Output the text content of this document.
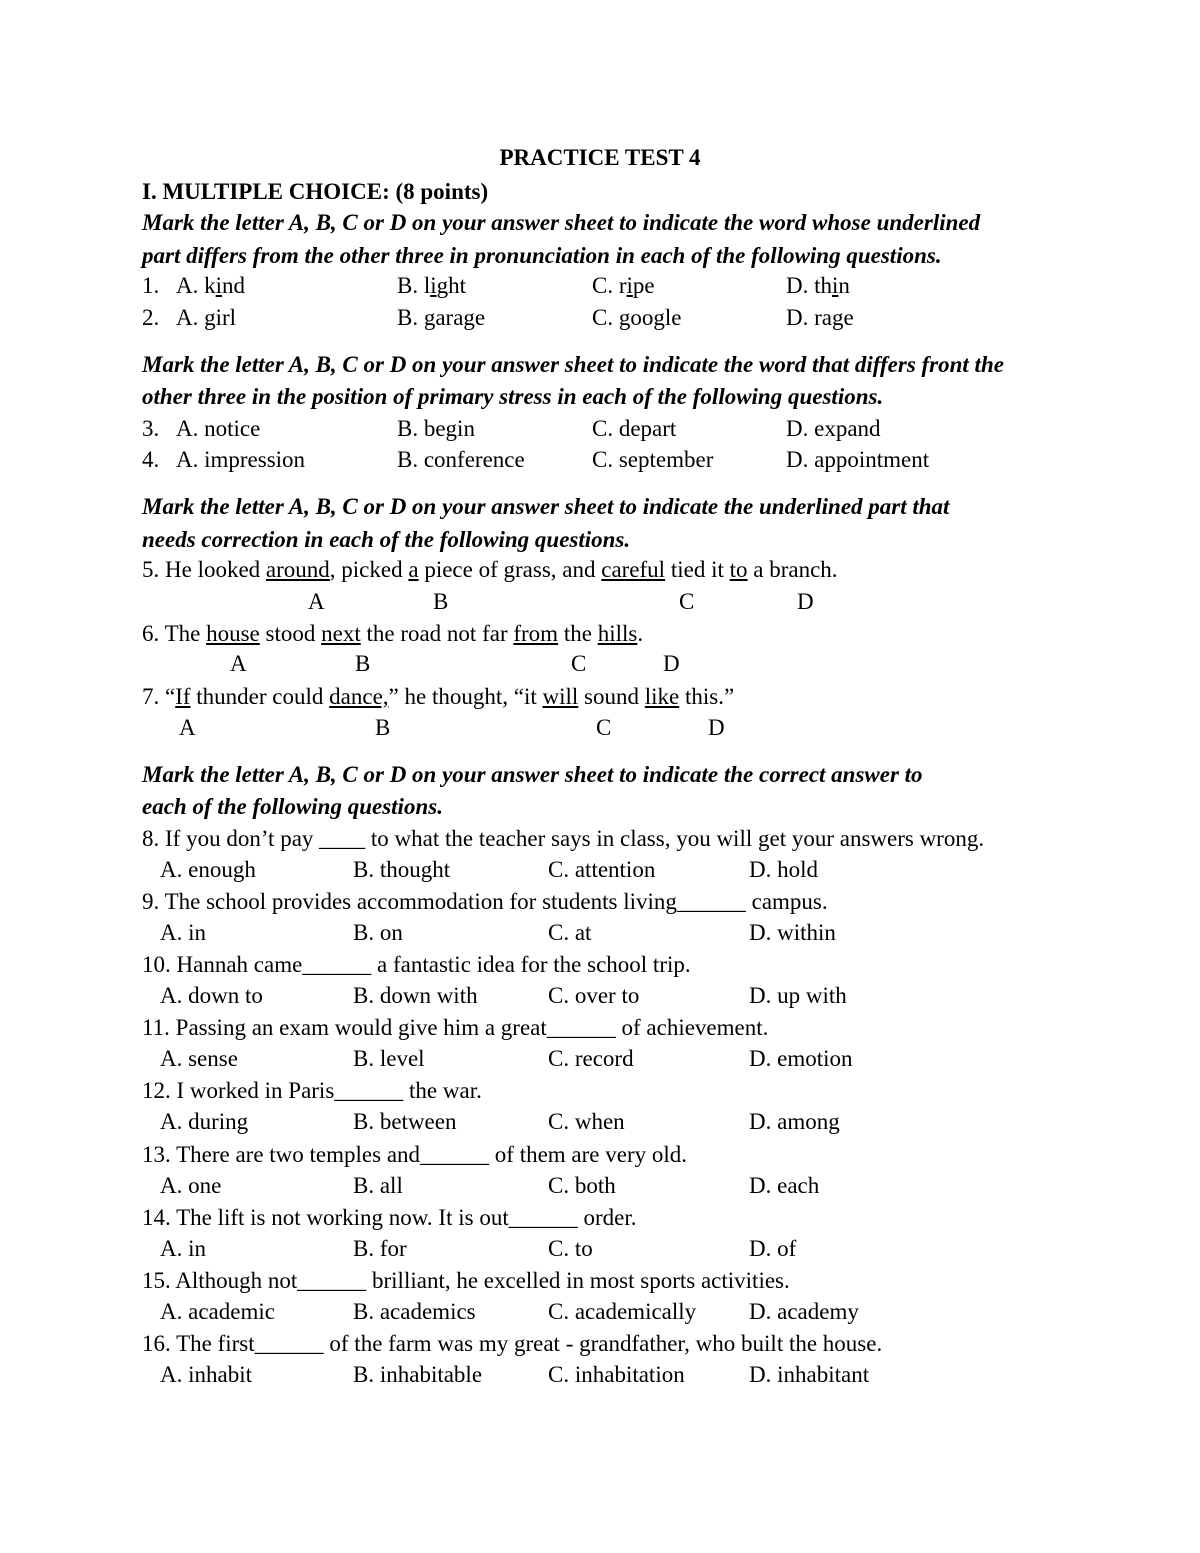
PRACTICE TEST 4
I. MULTIPLE CHOICE: (8 points)
Mark the letter A, B, C or D on your answer sheet to indicate the word whose underlined
part differs from the other three in pronunciation in each of the following questions.
1. A. kind	B. light	C. ripe	D. thin
2. A. girl	B. garage	C. google	D. rage
Mark the letter A, B, C or D on your answer sheet to indicate the word that differs front the
other three in the position of primary stress in each of the following questions.
3. A. notice	B. begin	C. depart	D. expand
4. A. impression	B. conference	C. september	D. appointment
Mark the letter A, B, C or D on your answer sheet to indicate the underlined part that
needs correction in each of the following questions.
5. He looked around, picked a piece of grass, and careful tied it to a branch.
A	B	C	D
6. The house stood next the road not far from the hills.
A	B	C	D
7. “If thunder could dance,” he thought, “it will sound like this.”
A	B	C	D
Mark the letter A, B, C or D on your answer sheet to indicate the correct answer to
each of the following questions.
8. If you don’t pay ____ to what the teacher says in class, you will get your answers wrong.
A. enough	B. thought	C. attention	D. hold
9. The school provides accommodation for students living______ campus.
A. in	B. on	C. at	D. within
10. Hannah came______ a fantastic idea for the school trip.
A. down to	B. down with	C. over to	D. up with
11. Passing an exam would give him a great______ of achievement.
A. sense	B. level	C. record	D. emotion
12. I worked in Paris______ the war.
A. during	B. between	C. when	D. among
13. There are two temples and______ of them are very old.
A. one	B. all	C. both	D. each
14. The lift is not working now. It is out______ order.
A. in	B. for	C. to	D. of
15. Although not______ brilliant, he excelled in most sports activities.
A. academic	B. academics	C. academically D. academy
16. The first______ of the farm was my great - grandfather, who built the house.
A. inhabit	B. inhabitable	C. inhabitation	D. inhabitant
